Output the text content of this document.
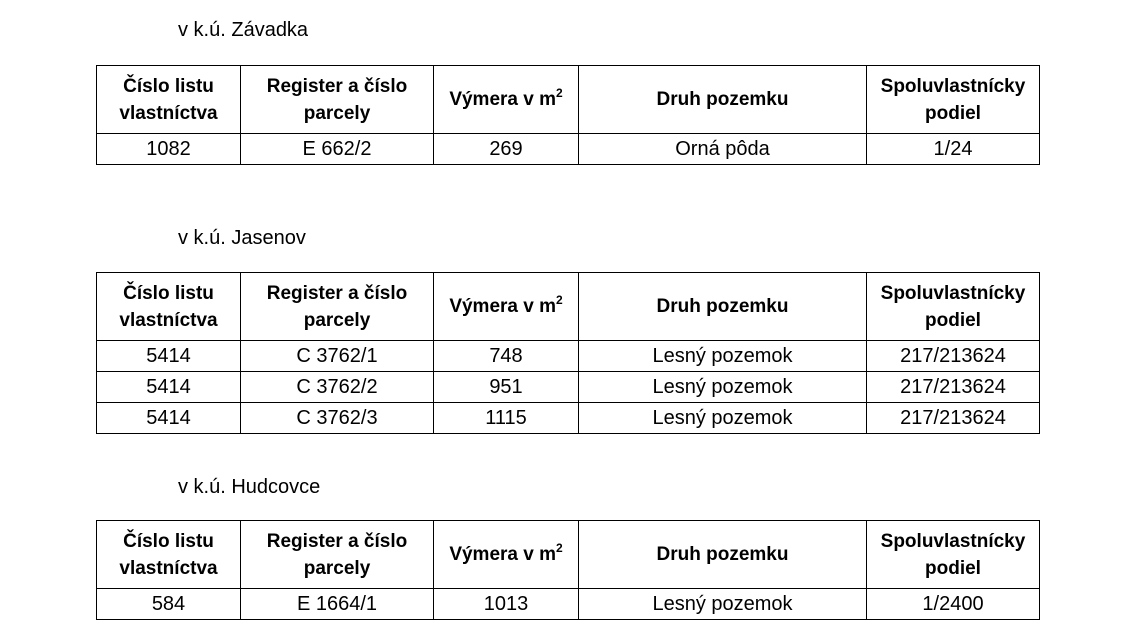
v k.ú. Závadka
Číslo listu vlastníctva	Register a číslo parcely	Výmera v $m^2$	Druh pozemku	Spoluvlastnícky podiel
1082	E 662/2	269	Orná pôda	1/24
v k.ú. Jasenov
Číslo listu vlastníctva	Register a číslo parcely	Výmera v $m^2$	Druh pozemku	Spoluvlastnícky podiel
5414	C 3762/1	748	Lesný pozemok	217/213624
5414	C 3762/2	951	Lesný pozemok	217/213624
5414	C 3762/3	1115	Lesný pozemok	217/213624
v k.ú. Hudcovce
Číslo listu vlastníctva	Register a číslo parcely	Výmera v $m^2$	Druh pozemku	Spoluvlastnícky podiel
584	E 1664/1	1013	Lesný pozemok	1/2400
